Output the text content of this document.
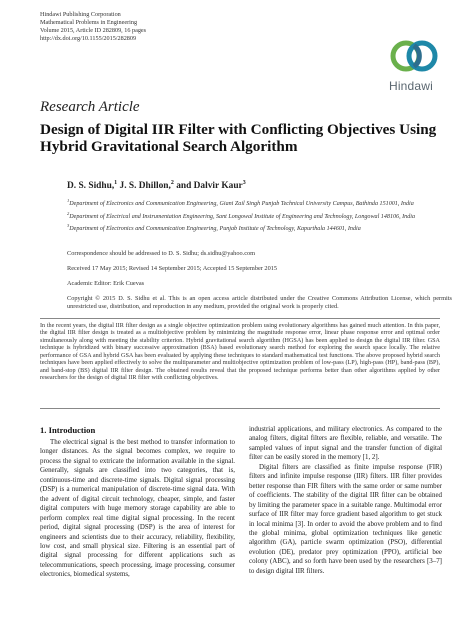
Hindawi Publishing Corporation
Mathematical Problems in Engineering
Volume 2015, Article ID 282809, 16 pages
http://dx.doi.org/10.1155/2015/282809
Hindawi
Research Article
Design of Digital IIR Filter with Conflicting Objectives Using Hybrid Gravitational Search Algorithm
D. S. Sidhu,$^1$ J. S. Dhillon,$^2$ and Dalvir Kaur$^3$
$^1$Department of Electronics and Communication Engineering, Giani Zail Singh Punjab Technical University Campus, Bathinda 151001, India
$^2$Department of Electrical and Instrumentation Engineering, Sant Longowal Institute of Engineering and Technology, Longowal 148106, India
$^3$Department of Electronics and Communication Engineering, Punjab Institute of Technology, Kapurthala 144601, India
Correspondence should be addressed to D. S. Sidhu; ds.sidhu@yahoo.com
Received 17 May 2015; Revised 14 September 2015; Accepted 15 September 2015
Academic Editor: Erik Cuevas
Copyright © 2015 D. S. Sidhu et al. This is an open access article distributed under the Creative Commons Attribution License, which permits unrestricted use, distribution, and reproduction in any medium, provided the original work is properly cited.
In the recent years, the digital IIR filter design as a single objective optimization problem using evolutionary algorithms has gained much attention. In this paper, the digital IIR filter design is treated as a multiobjective problem by minimizing the magnitude response error, linear phase response error and optimal order simultaneously along with meeting the stability criterion. Hybrid gravitational search algorithm (HGSA) has been applied to design the digital IIR filter. GSA technique is hybridized with binary successive approximation (BSA) based evolutionary search method for exploring the search space locally. The relative performance of GSA and hybrid GSA has been evaluated by applying these techniques to standard mathematical test functions. The above proposed hybrid search techniques have been applied effectively to solve the multiparameter and multiobjective optimization problem of low-pass (LP), high-pass (HP), band-pass (BP), and band-stop (BS) digital IIR filter design. The obtained results reveal that the proposed technique performs better than other algorithms applied by other researchers for the design of digital IIR filter with conflicting objectives.
1. Introduction

The electrical signal is the best method to transfer information to longer distances. As the signal becomes complex, we require to process the signal to extricate the information available in the signal. Generally, signals are classified into two categories, that is, continuous-time and discrete-time signals. Digital signal processing (DSP) is a numerical manipulation of discrete-time signal data. With the advent of digital circuit technology, cheaper, simple, and faster digital computers with huge memory storage capability are able to perform complex real time digital signal processing. In the recent period, digital signal processing (DSP) is the area of interest for engineers and scientists due to their accuracy, reliability, flexibility, low cost, and small physical size. Filtering is an essential part of digital signal processing for different applications such as telecommunications, speech processing, image processing, consumer electronics, biomedical systems,

industrial applications, and military electronics. As compared to the analog filters, digital filters are flexible, reliable, and versatile. The sampled values of input signal and the transfer function of digital filter can be easily stored in the memory [1, 2].

Digital filters are classified as finite impulse response (FIR) filters and infinite impulse response (IIR) filters. IIR filter provides better response than FIR filters with the same order or same number of coefficients. The stability of the digital IIR filter can be obtained by limiting the parameter space in a suitable range. Multimodal error surface of IIR filter may force gradient based algorithm to get stuck in local minima [3]. In order to avoid the above problem and to find the global minima, global optimization techniques like genetic algorithm (GA), particle swarm optimization (PSO), differential evolution (DE), predator prey optimization (PPO), artificial bee colony (ABC), and so forth have been used by the researchers [3–7] to design digital IIR filters.
